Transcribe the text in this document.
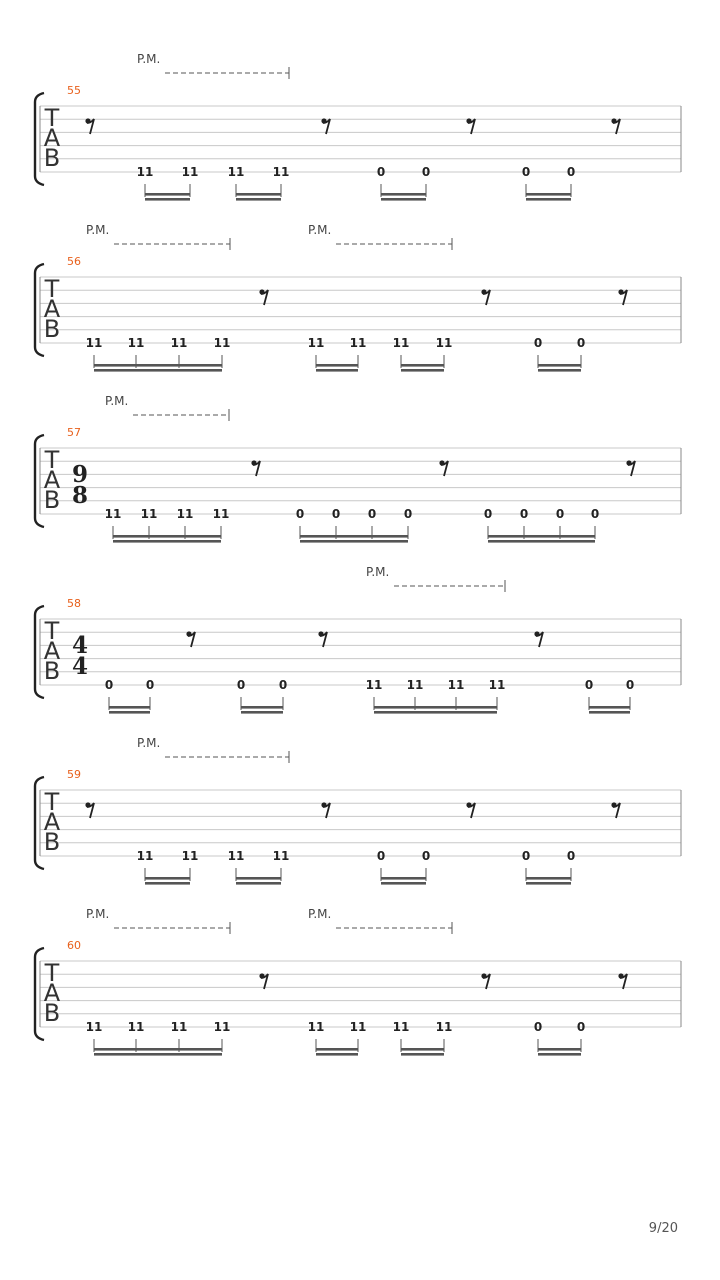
T
A
B
55
11 11 11 11	0	0	0	0
P.M.
T
A
B
56
11 11 11 11	11 11 11 11	0	0
P.M.	P.M.
T
A
B
57
9
8
11 11 11 11	0 0 0 0	0 0 0 0
P.M.
T
A
B
58
4
4
0	0	0	0	11 11 11 11	0	0
P.M.
T
A
B
59
11 11 11 11	0	0	0	0
P.M.
T
A
B
60
11 11 11 11	11 11 11 11	0	0
P.M.	P.M.
9/20
